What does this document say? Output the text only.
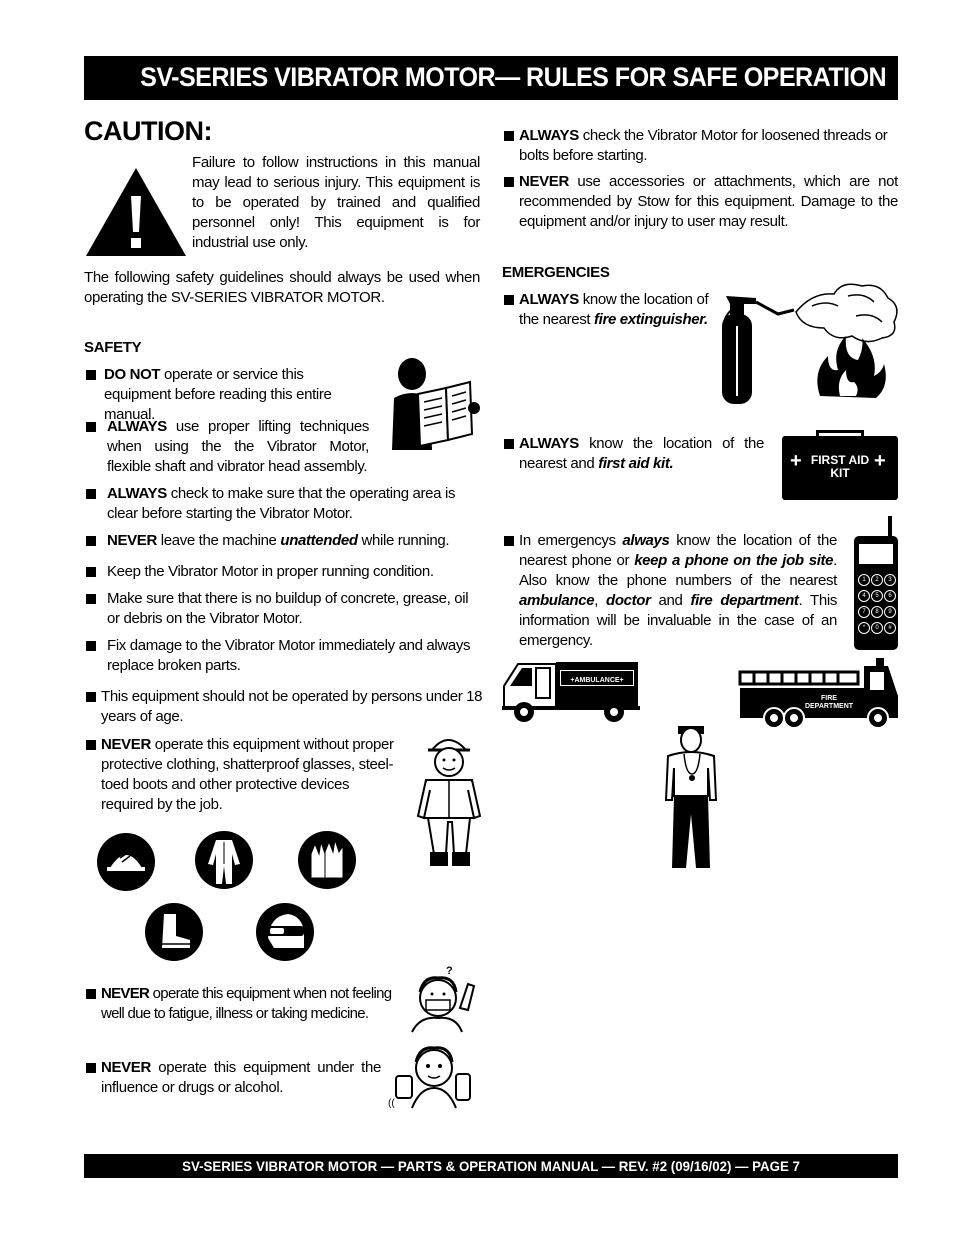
SV-SERIES VIBRATOR MOTOR— RULES FOR SAFE OPERATION
CAUTION:
Failure to follow instructions in this manual may lead to serious injury. This equipment is to be operated by trained and qualified personnel only! This equipment is for industrial use only.
The following safety guidelines should always be used when operating the SV-SERIES VIBRATOR MOTOR.
SAFETY
DO NOT operate or service this equipment before reading this entire manual.
ALWAYS use proper lifting techniques when using the the Vibrator Motor, flexible shaft and vibrator head assembly.
ALWAYS check to make sure that the operating area is clear before starting the Vibrator Motor.
NEVER leave the machine unattended while running.
Keep the Vibrator Motor in proper running condition.
Make sure that there is no buildup of concrete, grease, oil or debris on the Vibrator Motor.
Fix damage to the Vibrator Motor immediately and always replace broken parts.
This equipment should not be operated by persons under 18 years of age.
NEVER operate this equipment without proper protective clothing, shatterproof glasses, steel-toed boots and other protective devices required by the job.
NEVER operate this equipment when not feeling well due to fatigue, illness or taking medicine.
NEVER operate this equipment under the influence or drugs or alcohol.
?
((
ALWAYS check the Vibrator Motor for loosened threads or bolts before starting.
NEVER use accessories or attachments, which are not recommended by Stow for this equipment. Damage to the equipment and/or injury to user may result.
EMERGENCIES
ALWAYS know the location of the nearest fire extinguisher.
ALWAYS know the location of the nearest and first aid kit.	+	+
FIRST AID
KIT
In emergencys always know the location of the nearest phone or keep a phone on the job site. Also know the phone numbers of the nearest ambulance, doctor and fire department. This information will be invaluable in the case of an emergency.
1	2	3
4	5	6
7	8	9
*	0	#
+AMBULANCE+
FIRE
DEPARTMENT
SV-SERIES VIBRATOR MOTOR — PARTS & OPERATION MANUAL — REV. #2 (09/16/02) — PAGE 7
